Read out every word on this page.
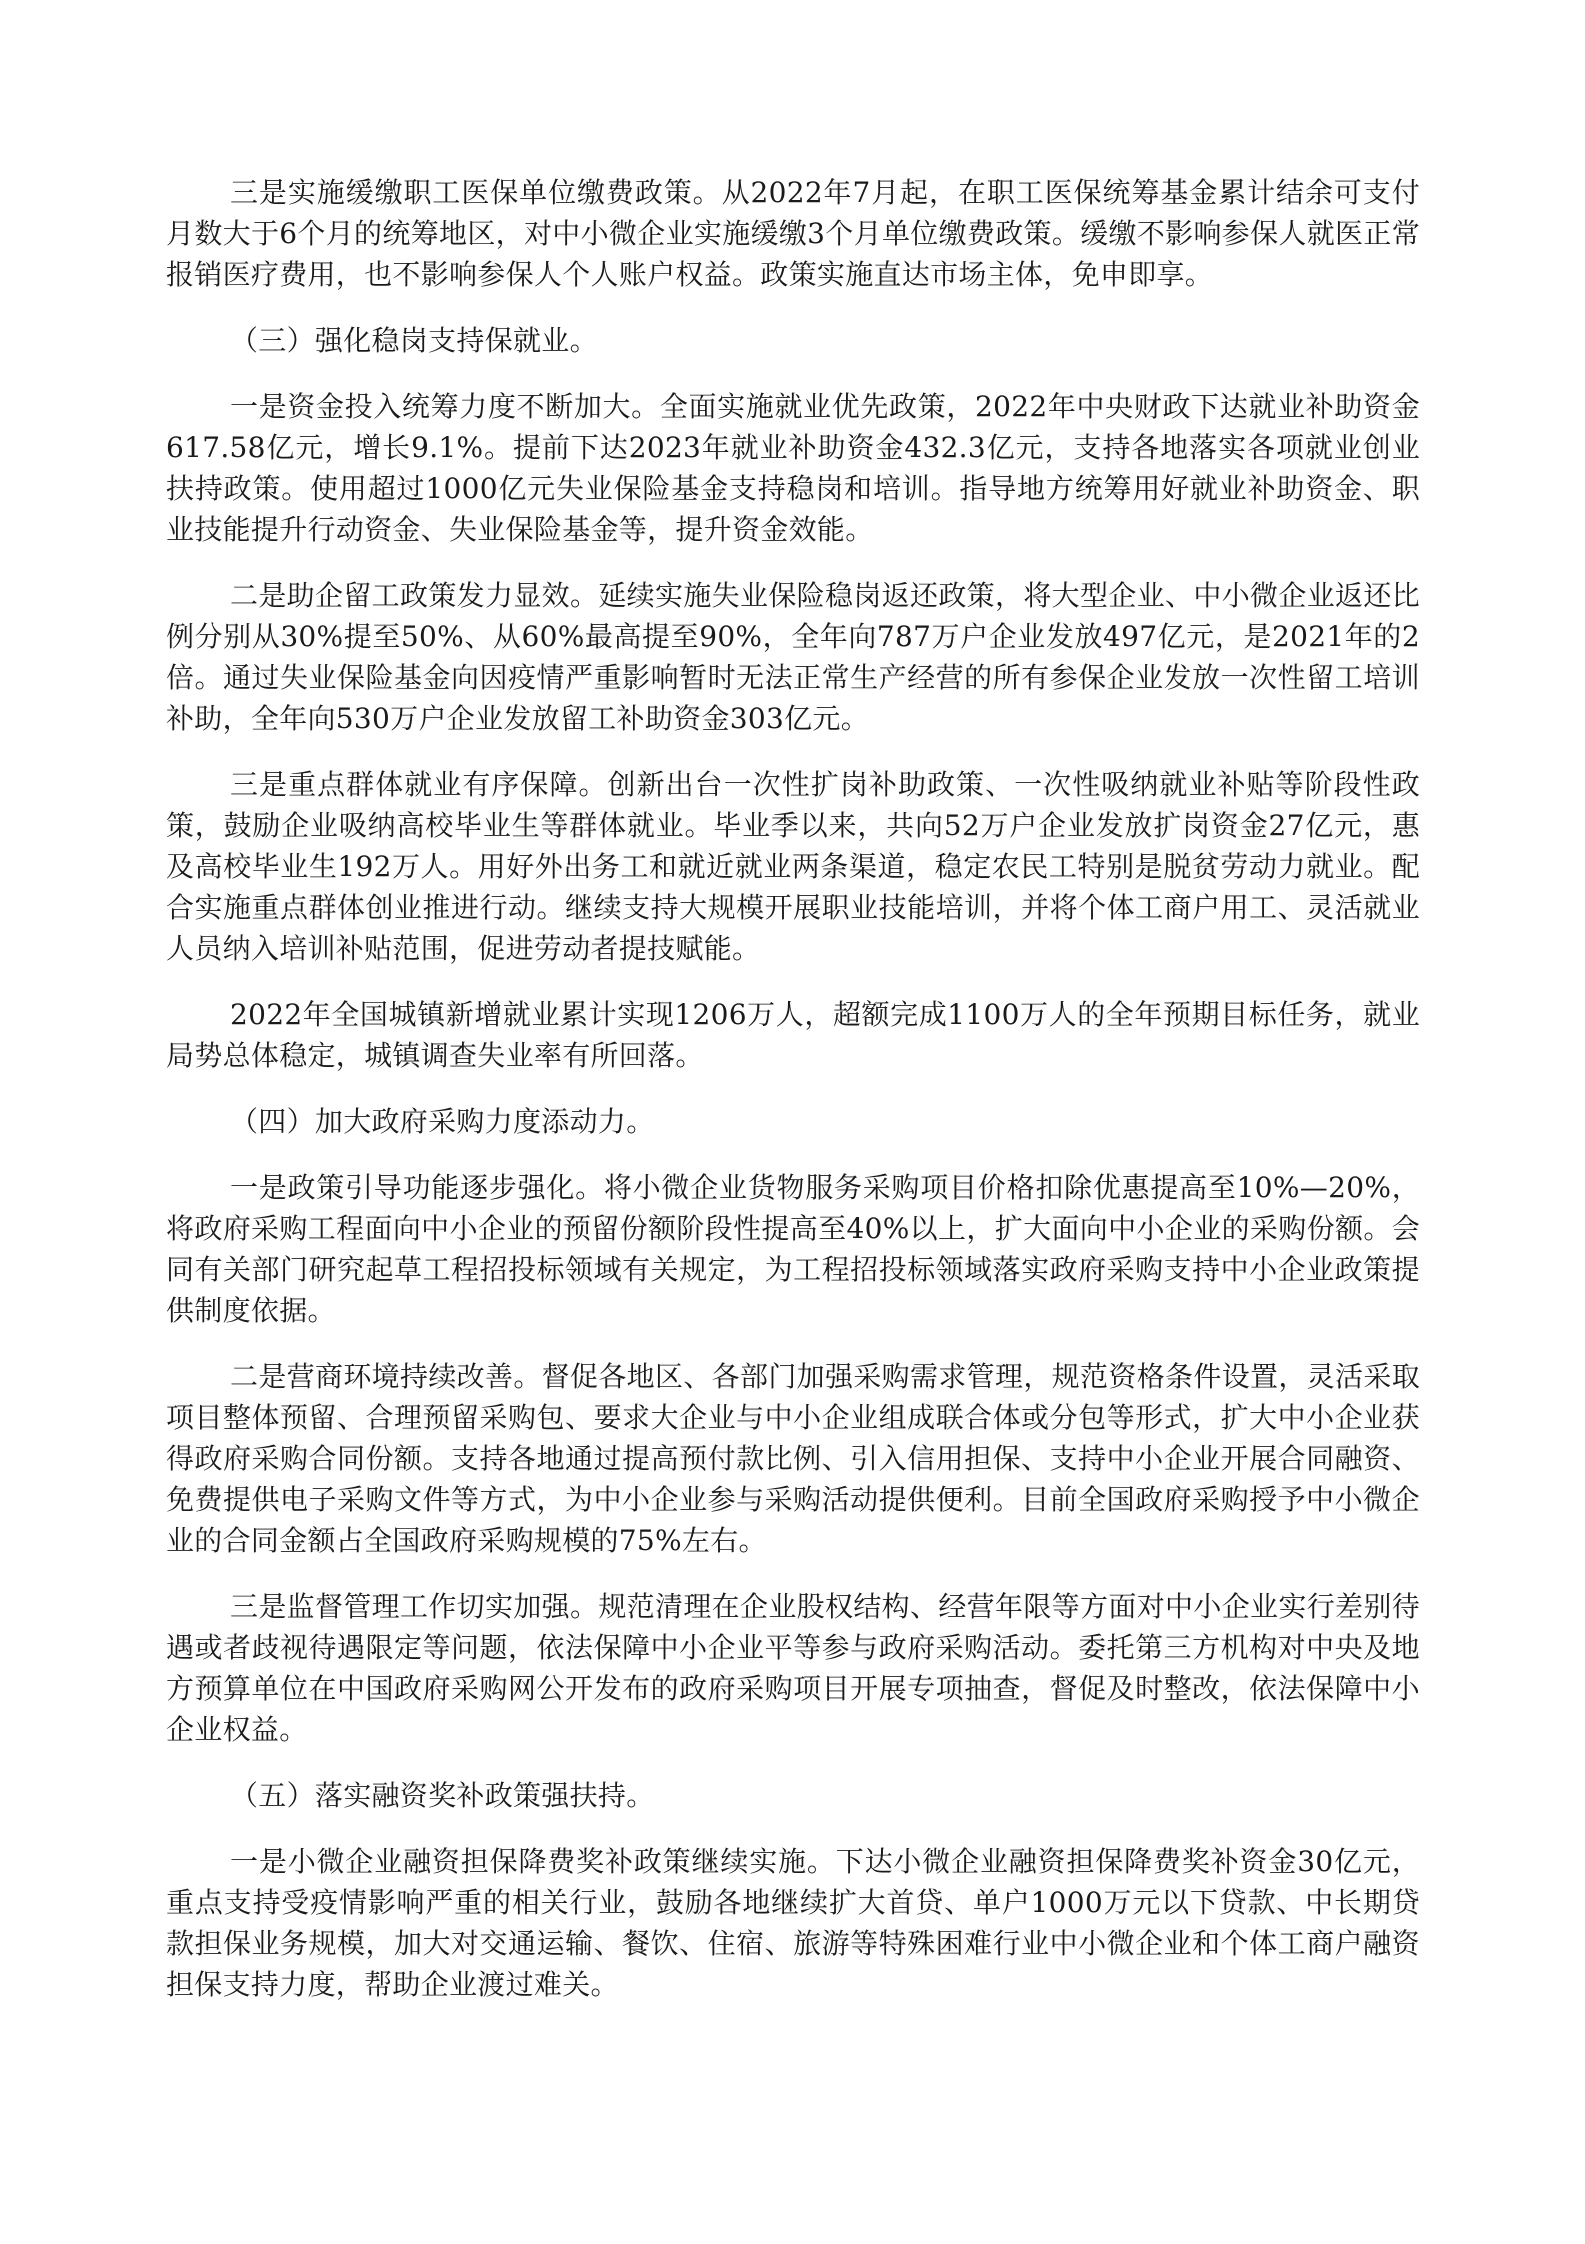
三是实施缓缴职工医保单位缴费政策。从2022年7月起，在职工医保统筹基金累计结余可支付月数大于6个月的统筹地区，对中小微企业实施缓缴3个月单位缴费政策。缓缴不影响参保人就医正常报销医疗费用，也不影响参保人个人账户权益。政策实施直达市场主体，免申即享。

（三）强化稳岗支持保就业。

一是资金投入统筹力度不断加大。全面实施就业优先政策，2022年中央财政下达就业补助资金617.58亿元，增长9.1%。提前下达2023年就业补助资金432.3亿元，支持各地落实各项就业创业扶持政策。使用超过1000亿元失业保险基金支持稳岗和培训。指导地方统筹用好就业补助资金、职业技能提升行动资金、失业保险基金等，提升资金效能。

二是助企留工政策发力显效。延续实施失业保险稳岗返还政策，将大型企业、中小微企业返还比例分别从30%提至50%、从60%最高提至90%，全年向787万户企业发放497亿元，是2021年的2倍。通过失业保险基金向因疫情严重影响暂时无法正常生产经营的所有参保企业发放一次性留工培训补助，全年向530万户企业发放留工补助资金303亿元。

三是重点群体就业有序保障。创新出台一次性扩岗补助政策、一次性吸纳就业补贴等阶段性政策，鼓励企业吸纳高校毕业生等群体就业。毕业季以来，共向52万户企业发放扩岗资金27亿元，惠及高校毕业生192万人。用好外出务工和就近就业两条渠道，稳定农民工特别是脱贫劳动力就业。配合实施重点群体创业推进行动。继续支持大规模开展职业技能培训，并将个体工商户用工、灵活就业人员纳入培训补贴范围，促进劳动者提技赋能。

2022年全国城镇新增就业累计实现1206万人，超额完成1100万人的全年预期目标任务，就业局势总体稳定，城镇调查失业率有所回落。

（四）加大政府采购力度添动力。

一是政策引导功能逐步强化。将小微企业货物服务采购项目价格扣除优惠提高至10%—20%，将政府采购工程面向中小企业的预留份额阶段性提高至40%以上，扩大面向中小企业的采购份额。会同有关部门研究起草工程招投标领域有关规定，为工程招投标领域落实政府采购支持中小企业政策提供制度依据。

二是营商环境持续改善。督促各地区、各部门加强采购需求管理，规范资格条件设置，灵活采取项目整体预留、合理预留采购包、要求大企业与中小企业组成联合体或分包等形式，扩大中小企业获得政府采购合同份额。支持各地通过提高预付款比例、引入信用担保、支持中小企业开展合同融资、免费提供电子采购文件等方式，为中小企业参与采购活动提供便利。目前全国政府采购授予中小微企业的合同金额占全国政府采购规模的75%左右。

三是监督管理工作切实加强。规范清理在企业股权结构、经营年限等方面对中小企业实行差别待遇或者歧视待遇限定等问题，依法保障中小企业平等参与政府采购活动。委托第三方机构对中央及地方预算单位在中国政府采购网公开发布的政府采购项目开展专项抽查，督促及时整改，依法保障中小企业权益。

（五）落实融资奖补政策强扶持。

一是小微企业融资担保降费奖补政策继续实施。下达小微企业融资担保降费奖补资金30亿元，重点支持受疫情影响严重的相关行业，鼓励各地继续扩大首贷、单户1000万元以下贷款、中长期贷款担保业务规模，加大对交通运输、餐饮、住宿、旅游等特殊困难行业中小微企业和个体工商户融资担保支持力度，帮助企业渡过难关。
